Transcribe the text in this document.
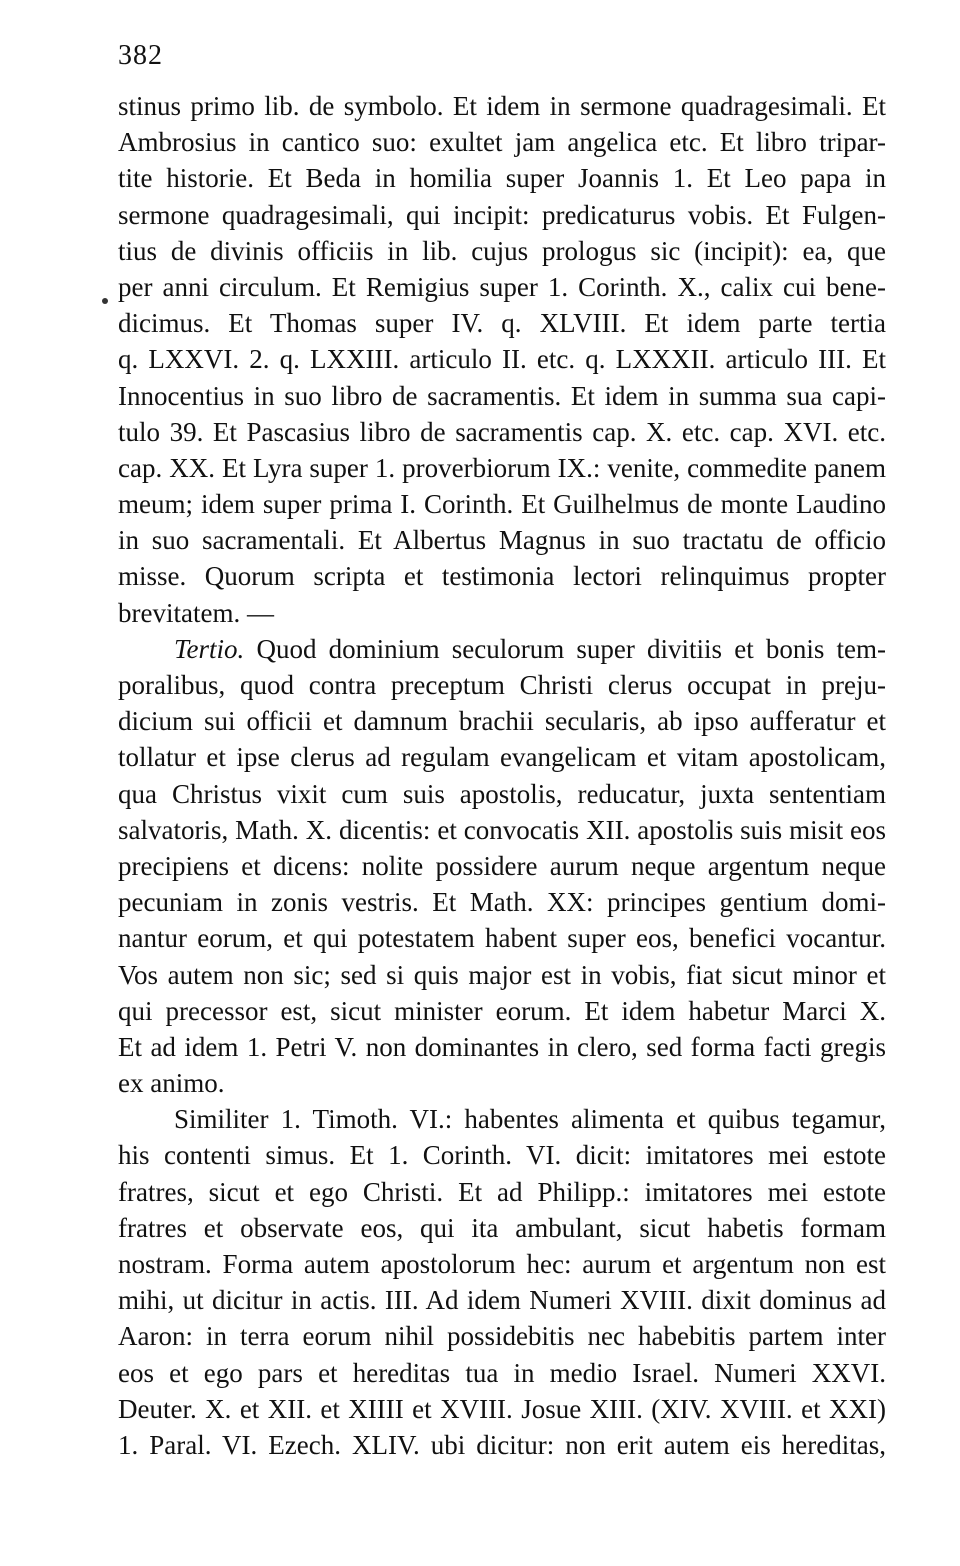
382
stinus primo lib. de symbolo. Et idem in sermone quadragesimali. Et
Ambrosius in cantico suo: exultet jam angelica etc. Et libro tripar-
tite historie. Et Beda in homilia super Joannis 1. Et Leo papa in
sermone quadragesimali, qui incipit: predicaturus vobis. Et Fulgen-
tius de divinis officiis in lib. cujus prologus sic (incipit): ea, que
per anni circulum. Et Remigius super 1. Corinth. X., calix cui bene-
dicimus. Et Thomas super IV. q. XLVIII. Et idem parte tertia
q. LXXVI. 2. q. LXXIII. articulo II. etc. q. LXXXII. articulo III. Et
Innocentius in suo libro de sacramentis. Et idem in summa sua capi-
tulo 39. Et Pascasius libro de sacramentis cap. X. etc. cap. XVI. etc.
cap. XX. Et Lyra super 1. proverbiorum IX.: venite, commedite panem
meum; idem super prima I. Corinth. Et Guilhelmus de monte Laudino
in suo sacramentali. Et Albertus Magnus in suo tractatu de officio
misse. Quorum scripta et testimonia lectori relinquimus propter
brevitatem. —
Tertio. Quod dominium seculorum super divitiis et bonis tem-
poralibus, quod contra preceptum Christi clerus occupat in preju-
dicium sui officii et damnum brachii secularis, ab ipso aufferatur et
tollatur et ipse clerus ad regulam evangelicam et vitam apostolicam,
qua Christus vixit cum suis apostolis, reducatur, juxta sententiam
salvatoris, Math. X. dicentis: et convocatis XII. apostolis suis misit eos
precipiens et dicens: nolite possidere aurum neque argentum neque
pecuniam in zonis vestris. Et Math. XX: principes gentium domi-
nantur eorum, et qui potestatem habent super eos, benefici vocantur.
Vos autem non sic; sed si quis major est in vobis, fiat sicut minor et
qui precessor est, sicut minister eorum. Et idem habetur Marci X.
Et ad idem 1. Petri V. non dominantes in clero, sed forma facti gregis
ex animo.
Similiter 1. Timoth. VI.: habentes alimenta et quibus tegamur,
his contenti simus. Et 1. Corinth. VI. dicit: imitatores mei estote
fratres, sicut et ego Christi. Et ad Philipp.: imitatores mei estote
fratres et observate eos, qui ita ambulant, sicut habetis formam
nostram. Forma autem apostolorum hec: aurum et argentum non est
mihi, ut dicitur in actis. III. Ad idem Numeri XVIII. dixit dominus ad
Aaron: in terra eorum nihil possidebitis nec habebitis partem inter
eos et ego pars et hereditas tua in medio Israel. Numeri XXVI.
Deuter. X. et XII. et XIIII et XVIII. Josue XIII. (XIV. XVIII. et XXI)
1. Paral. VI. Ezech. XLIV. ubi dicitur: non erit autem eis hereditas,
